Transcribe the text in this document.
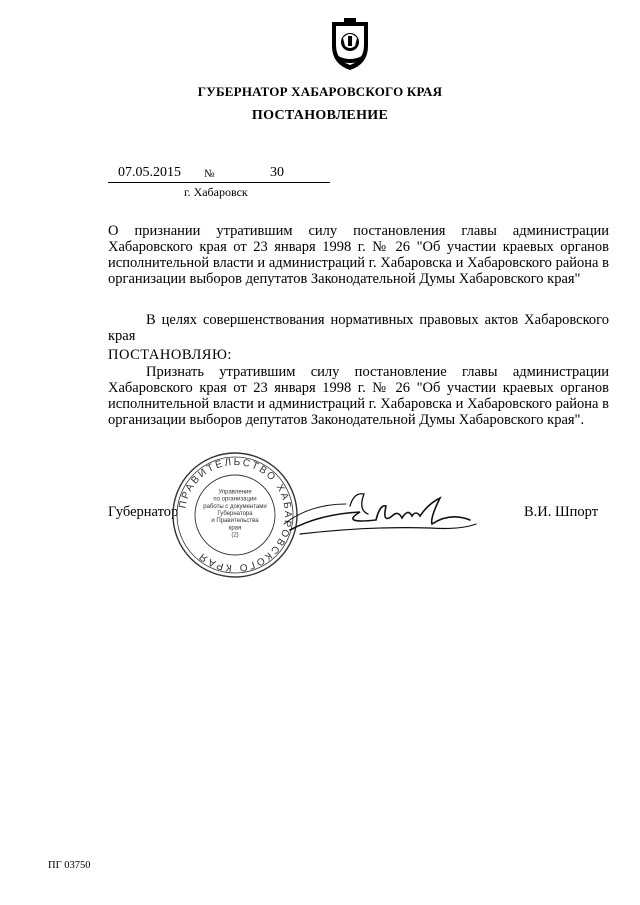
ГУБЕРНАТОР ХАБАРОВСКОГО КРАЯ
ПОСТАНОВЛЕНИЕ
07.05.2015 №	30
г. Хабаровск
О признании утратившим силу постановления главы администрации Хабаровского края от 23 января 1998 г. № 26 "Об участии краевых органов исполнительной власти и администраций г. Хабаровска и Хабаровского района в организации выборов депутатов Законодательной Думы Хабаровского края"
В целях совершенствования нормативных правовых актов Хабаровского края
ПОСТАНОВЛЯЮ:
Признать утратившим силу постановление главы администрации Хабаровского края от 23 января 1998 г. № 26 "Об участии краевых органов исполнительной власти и администраций г. Хабаровска и Хабаровского района в организации выборов депутатов Законодательной Думы Хабаровского края".
Губернатор	В.И. Шпорт
ПРАВИТЕЛЬСТВО ХАБАРОВСКОГО КРАЯ
Управление
по организации
работы с документами
Губернатора
и Правительства
края
(2)
ПГ 03750
